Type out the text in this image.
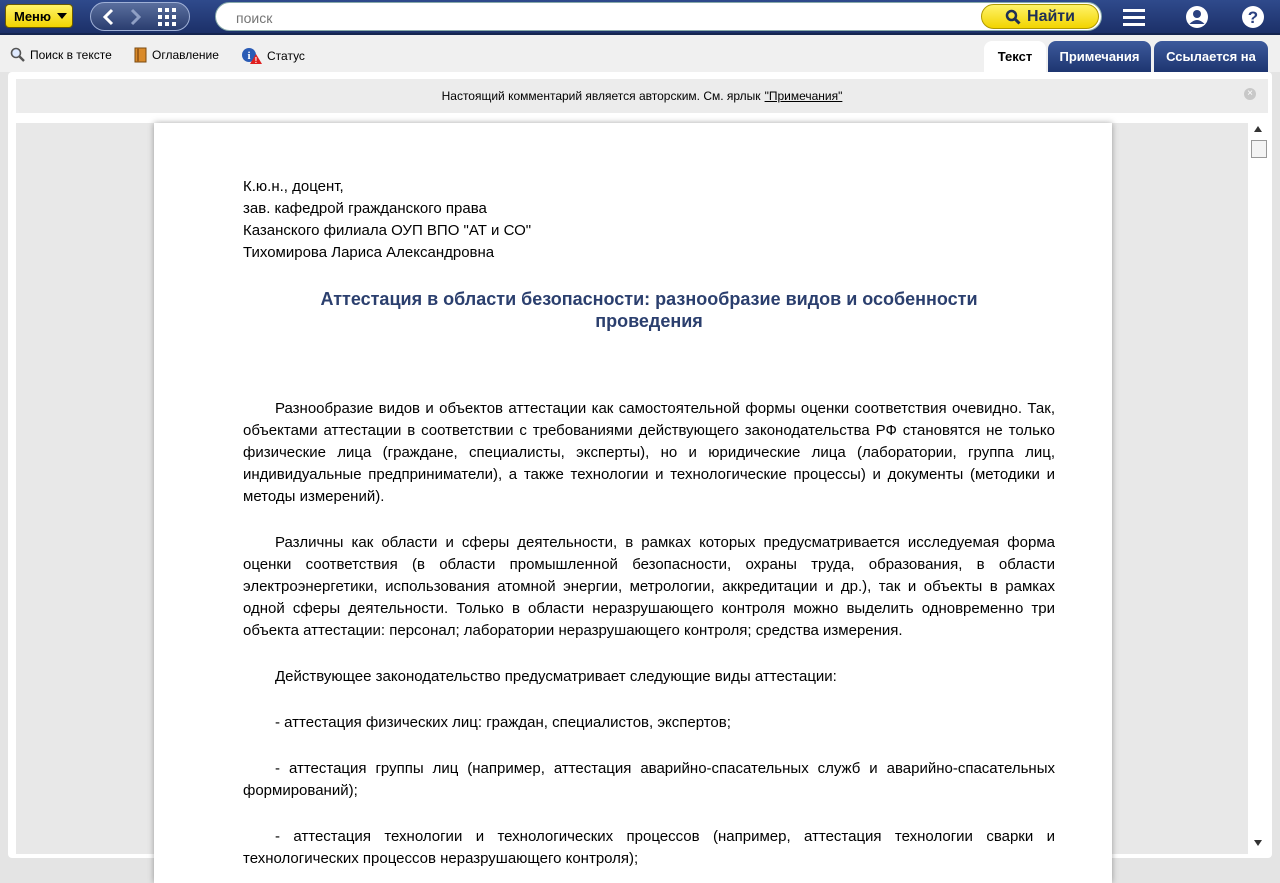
Меню
поиск	Найти	?
Поиск в тексте	Оглавление	i ! Статус	Текст Примечания Ссылается на
Настоящий комментарий является авторским. См. ярлык "Примечания"	×

К.ю.н., доцент,

зав. кафедрой гражданского права

Казанского филиала ОУП ВПО "АТ и СО"

Тихомирова Лариса Александровна

Аттестация в области безопасности: разнообразие видов и особенности проведения

Разнообразие видов и объектов аттестации как самостоятельной формы оценки соответствия очевидно. Так, объектами аттестации в соответствии с требованиями действующего законодательства РФ становятся не только физические лица (граждане, специалисты, эксперты), но и юридические лица (лаборатории, группа лиц, индивидуальные предприниматели), а также технологии и технологические процессы) и документы (методики и методы измерений).

Различны как области и сферы деятельности, в рамках которых предусматривается исследуемая форма оценки соответствия (в области промышленной безопасности, охраны труда, образования, в области электроэнергетики, использования атомной энергии, метрологии, аккредитации и др.), так и объекты в рамках одной сферы деятельности. Только в области неразрушающего контроля можно выделить одновременно три объекта аттестации: персонал; лаборатории неразрушающего контроля; средства измерения.

Действующее законодательство предусматривает следующие виды аттестации:

- аттестация физических лиц: граждан, специалистов, экспертов;

- аттестация группы лиц (например, аттестация аварийно-спасательных служб и аварийно-спасательных формирований);

- аттестация технологии и технологических процессов (например, аттестация технологии сварки и технологических процессов неразрушающего контроля);
